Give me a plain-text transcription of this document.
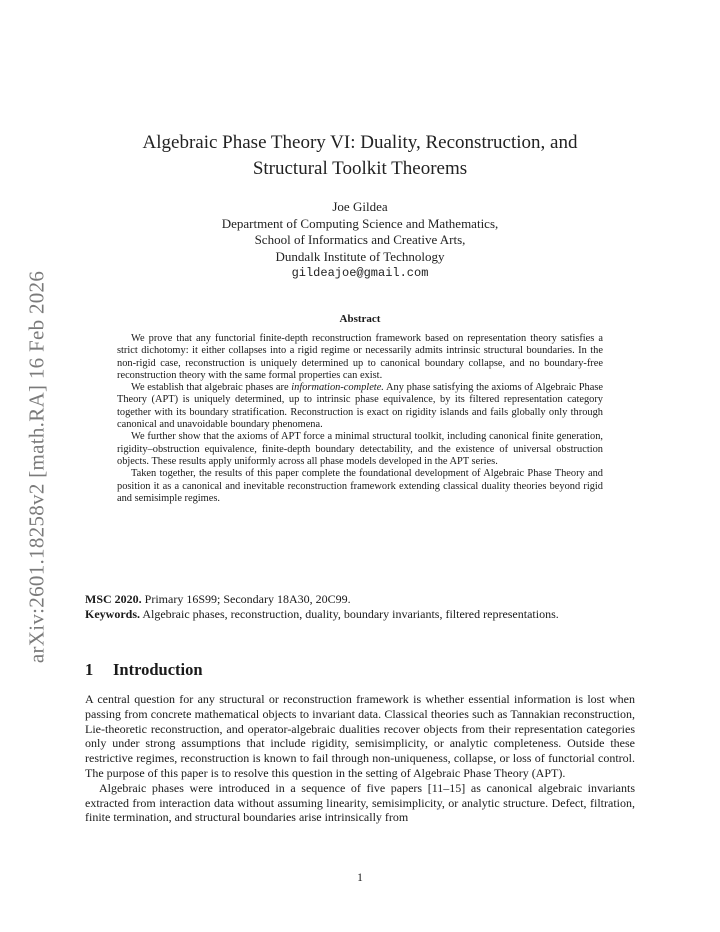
arXiv:2601.18258v2 [math.RA] 16 Feb 2026
Algebraic Phase Theory VI: Duality, Reconstruction, and
Structural Toolkit Theorems
Joe Gildea
Department of Computing Science and Mathematics,
School of Informatics and Creative Arts,
Dundalk Institute of Technology
gildeajoe@gmail.com
Abstract

We prove that any functorial finite-depth reconstruction framework based on representation theory satisfies a strict dichotomy: it either collapses into a rigid regime or necessarily admits intrinsic structural boundaries. In the non-rigid case, reconstruction is uniquely determined up to canonical boundary collapse, and no boundary-free reconstruction theory with the same formal properties can exist.

We establish that algebraic phases are information-complete. Any phase satisfying the axioms of Algebraic Phase Theory (APT) is uniquely determined, up to intrinsic phase equivalence, by its filtered representation category together with its boundary stratification. Reconstruction is exact on rigidity islands and fails globally only through canonical and unavoidable boundary phenomena.

We further show that the axioms of APT force a minimal structural toolkit, including canonical finite generation, rigidity–obstruction equivalence, finite-depth boundary detectability, and the existence of universal obstruction objects. These results apply uniformly across all phase models developed in the APT series.

Taken together, the results of this paper complete the foundational development of Algebraic Phase Theory and position it as a canonical and inevitable reconstruction framework extending classical duality theories beyond rigid and semisimple regimes.

MSC 2020. Primary 16S99; Secondary 18A30, 20C99.

Keywords. Algebraic phases, reconstruction, duality, boundary invariants, filtered representations.

1 Introduction

A central question for any structural or reconstruction framework is whether essential information is lost when passing from concrete mathematical objects to invariant data. Classical theories such as Tannakian reconstruction, Lie-theoretic reconstruction, and operator-algebraic dualities recover objects from their representation categories only under strong assumptions that include rigidity, semisimplicity, or analytic completeness. Outside these restrictive regimes, reconstruction is known to fail through non-uniqueness, collapse, or loss of functorial control. The purpose of this paper is to resolve this question in the setting of Algebraic Phase Theory (APT).

Algebraic phases were introduced in a sequence of five papers [11–15] as canonical algebraic invariants extracted from interaction data without assuming linearity, semisimplicity, or analytic structure. Defect, filtration, finite termination, and structural boundaries arise intrinsically from

1
